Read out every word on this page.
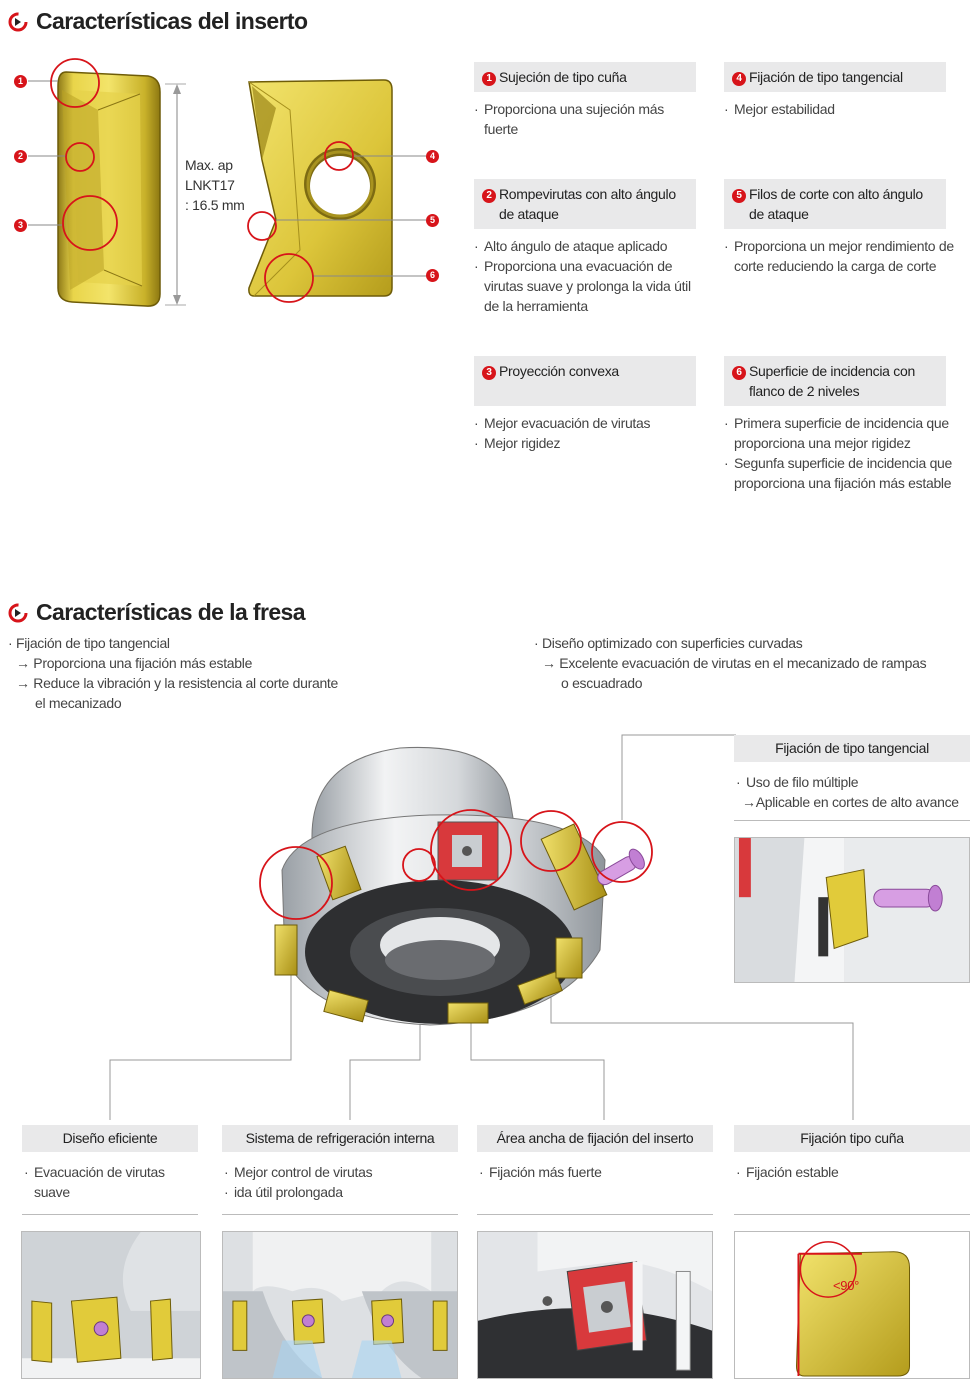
Características del inserto
1
2
3
4
5
6
Max. ap
LNKT17
: 16.5 mm
1 Sujeción de tipo cuña
· Proporciona una sujeción más fuerte
4 Fijación de tipo tangencial
· Mejor estabilidad
2 Rompevirutas con alto ángulo
de ataque
· Alto ángulo de ataque aplicado
· Proporciona una evacuación de virutas suave y prolonga la vida útil de la herramienta
5 Filos de corte con alto ángulo
de ataque
· Proporciona un mejor rendimiento de corte reduciendo la carga de corte
3 Proyección convexa
· Mejor evacuación de virutas
· Mejor rigidez
6 Superficie de incidencia con
flanco de 2 niveles
· Primera superficie de incidencia que proporciona una mejor rigidez
· Segunfa superficie de incidencia que proporciona una fijación más estable
Características de la fresa
· Fijación de tipo tangencial
→ Proporciona una fijación más estable
→ Reduce la vibración y la resistencia al corte durante
el mecanizado
· Diseño optimizado con superficies curvadas
→ Excelente evacuación de virutas en el mecanizado de rampas
o escuadrado
Fijación de tipo tangencial
· Uso de filo múltiple
→Aplicable en cortes de alto avance
Diseño eficiente
· Evacuación de virutas suave
Sistema de refrigeración interna
· Mejor control de virutas
· ida útil prolongada
Área ancha de fijación del inserto
· Fijación más fuerte
Fijación tipo cuña
· Fijación estable
<90°
